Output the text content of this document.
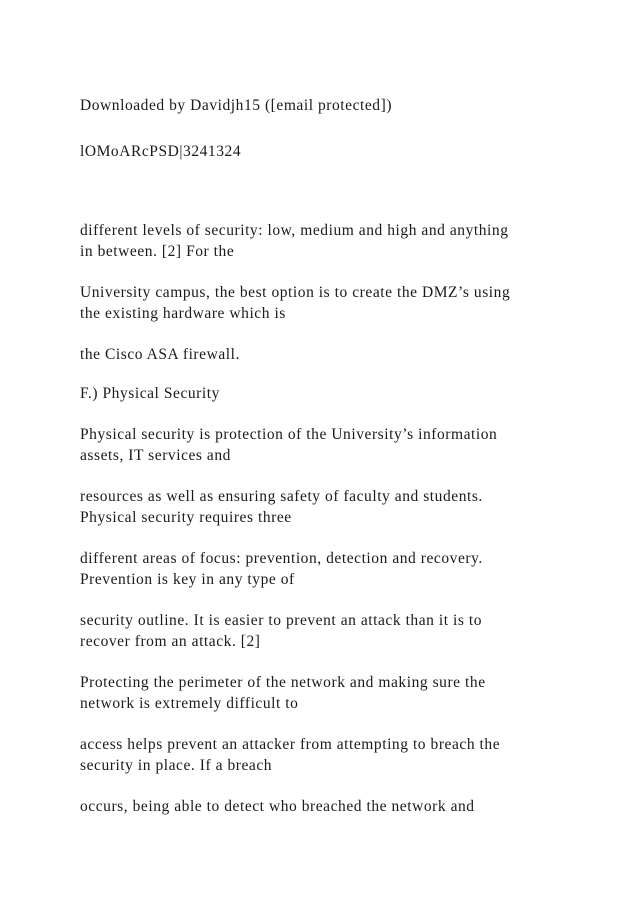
Downloaded by Davidjh15 ([email protected])

lOMoARcPSD|3241324

different levels of security: low, medium and high and anything

in between. [2] For the

University campus, the best option is to create the DMZ’s using

the existing hardware which is

the Cisco ASA firewall.

F.) Physical Security

Physical security is protection of the University’s information

assets, IT services and

resources as well as ensuring safety of faculty and students.

Physical security requires three

different areas of focus: prevention, detection and recovery.

Prevention is key in any type of

security outline. It is easier to prevent an attack than it is to

recover from an attack. [2]

Protecting the perimeter of the network and making sure the

network is extremely difficult to

access helps prevent an attacker from attempting to breach the

security in place. If a breach

occurs, being able to detect who breached the network and
